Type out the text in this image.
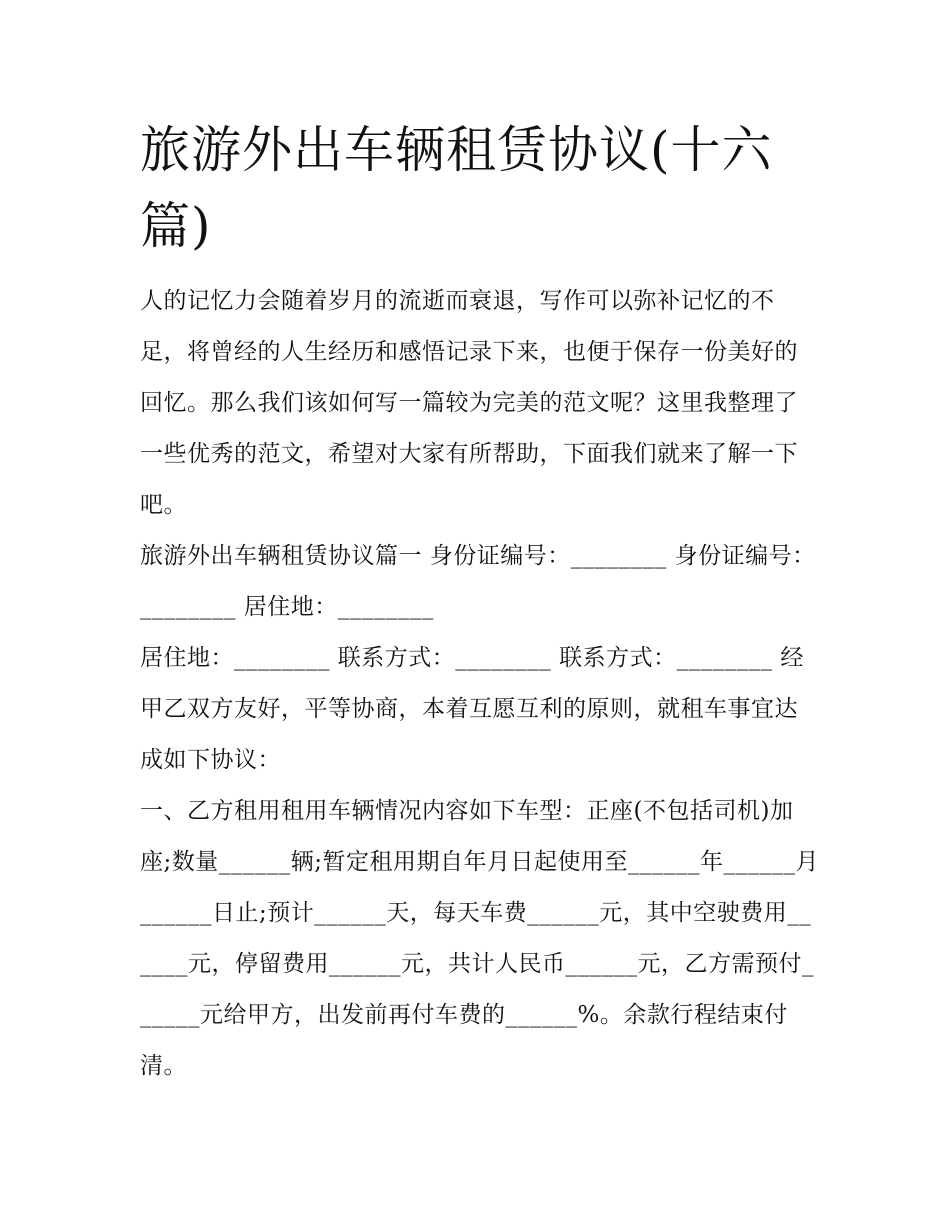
旅游外出车辆租赁协议(十六篇)

人的记忆力会随着岁月的流逝而衰退，写作可以弥补记忆的不足，将曾经的人生经历和感悟记录下来，也便于保存一份美好的回忆。那么我们该如何写一篇较为完美的范文呢？这里我整理了一些优秀的范文，希望对大家有所帮助，下面我们就来了解一下吧。

旅游外出车辆租赁协议篇一 身份证编号：________ 身份证编号：________ 居住地：________

居住地：________ 联系方式：________ 联系方式：________ 经甲乙双方友好，平等协商，本着互愿互利的原则，就租车事宜达成如下协议：

一、乙方租用租用车辆情况内容如下车型：正座(不包括司机)加座;数量______辆;暂定租用期自年月日起使用至______年______月______日止;预计______天，每天车费______元，其中空驶费用______元，停留费用______元，共计人民币______元，乙方需预付______元给甲方，出发前再付车费的______%。余款行程结束付清。
